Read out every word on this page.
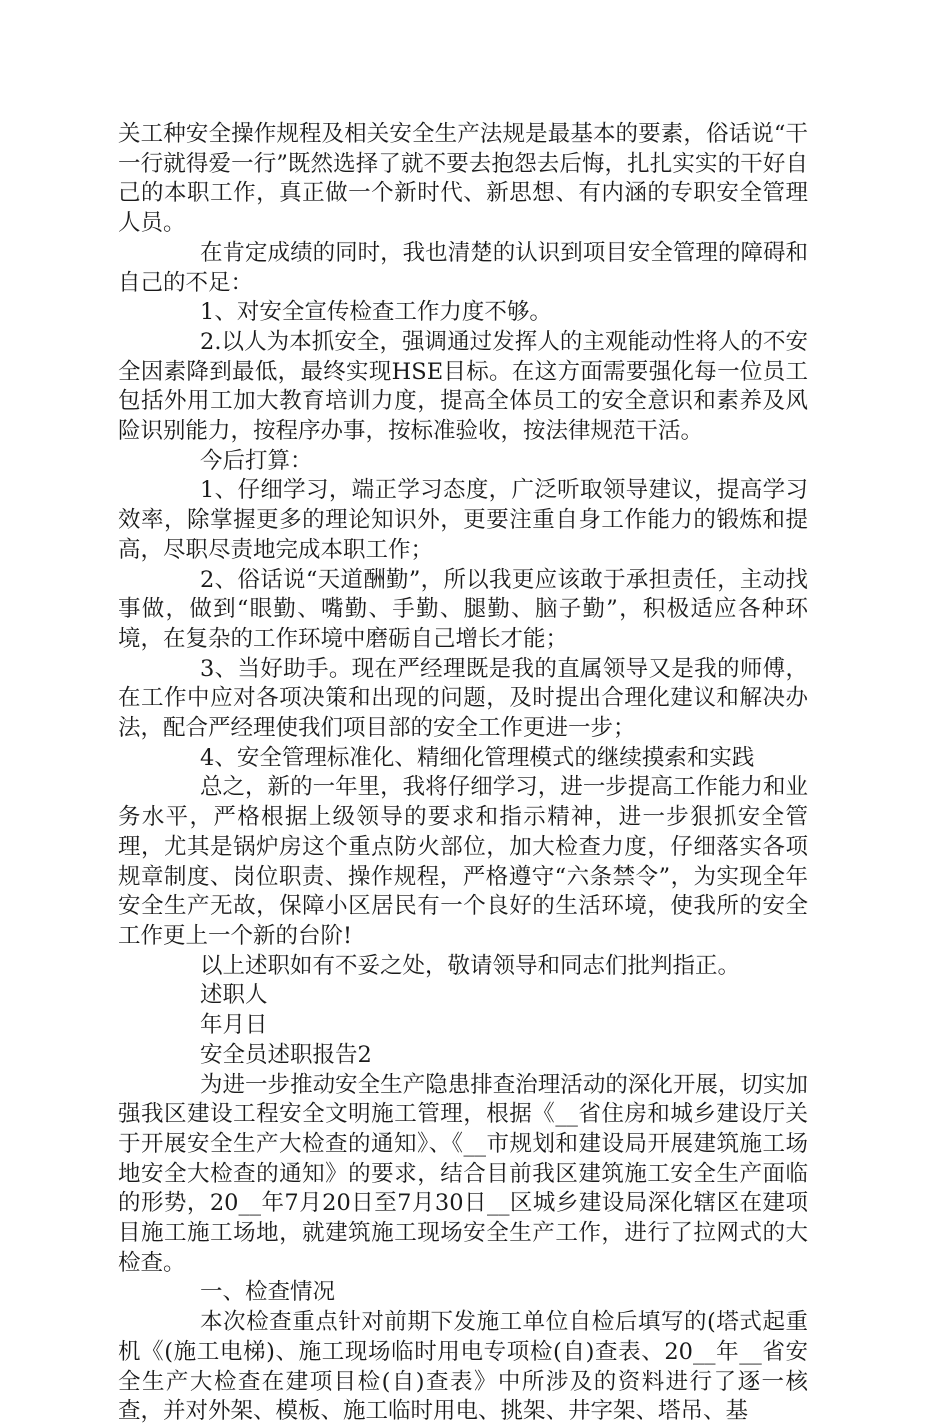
关工种安全操作规程及相关安全生产法规是最基本的要素，俗话说“干一行就得爱一行”既然选择了就不要去抱怨去后悔，扎扎实实的干好自己的本职工作，真正做一个新时代、新思想、有内涵的专职安全管理人员。

在肯定成绩的同时，我也清楚的认识到项目安全管理的障碍和自己的不足：

1、对安全宣传检查工作力度不够。

2.以人为本抓安全，强调通过发挥人的主观能动性将人的不安全因素降到最低，最终实现HSE目标。在这方面需要强化每一位员工包括外用工加大教育培训力度，提高全体员工的安全意识和素养及风险识别能力，按程序办事，按标准验收，按法律规范干活。

今后打算：

1、仔细学习，端正学习态度，广泛听取领导建议，提高学习效率，除掌握更多的理论知识外，更要注重自身工作能力的锻炼和提高，尽职尽责地完成本职工作；

2、俗话说“天道酬勤”，所以我更应该敢于承担责任，主动找事做，做到“眼勤、嘴勤、手勤、腿勤、脑子勤”，积极适应各种环境，在复杂的工作环境中磨砺自己增长才能；

3、当好助手。现在严经理既是我的直属领导又是我的师傅，在工作中应对各项决策和出现的问题，及时提出合理化建议和解决办法，配合严经理使我们项目部的安全工作更进一步；

4、安全管理标准化、精细化管理模式的继续摸索和实践

总之，新的一年里，我将仔细学习，进一步提高工作能力和业务水平，严格根据上级领导的要求和指示精神，进一步狠抓安全管理，尤其是锅炉房这个重点防火部位，加大检查力度，仔细落实各项规章制度、岗位职责、操作规程，严格遵守“六条禁令”，为实现全年安全生产无故，保障小区居民有一个良好的生活环境，使我所的安全工作更上一个新的台阶!

以上述职如有不妥之处，敬请领导和同志们批判指正。

述职人

年月日

安全员述职报告2

为进一步推动安全生产隐患排查治理活动的深化开展，切实加强我区建设工程安全文明施工管理，根据《__省住房和城乡建设厅关于开展安全生产大检查的通知》、《__市规划和建设局开展建筑施工场地安全大检查的通知》的要求，结合目前我区建筑施工安全生产面临的形势，20__年7月20日至7月30日__区城乡建设局深化辖区在建项目施工施工场地，就建筑施工现场安全生产工作，进行了拉网式的大检查。

一、检查情况

本次检查重点针对前期下发施工单位自检后填写的(塔式起重机《(施工电梯)、施工现场临时用电专项检(自)查表、20__年__省安全生产大检查在建项目检(自)查表》中所涉及的资料进行了逐一核查，并对外架、模板、施工临时用电、挑架、井字架、塔吊、基
